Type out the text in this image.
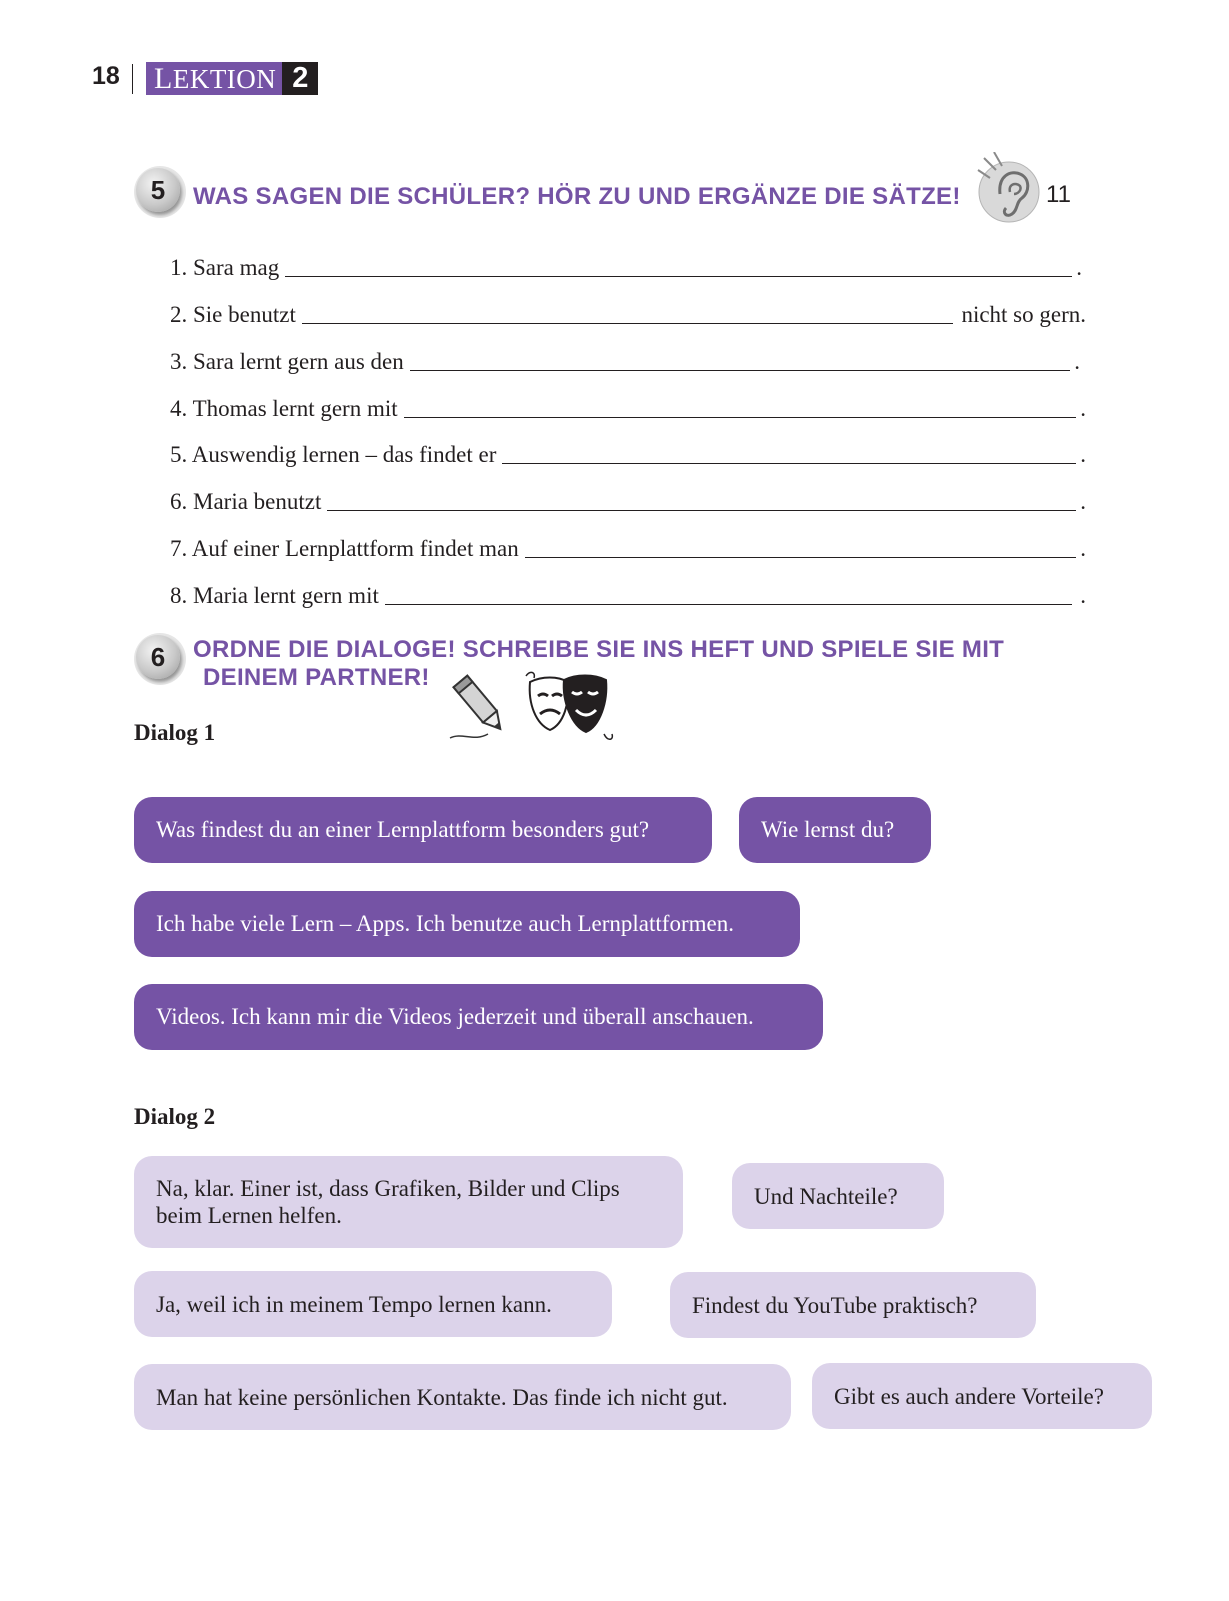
18 LEKTION 2
5	WAS SAGEN DIE SCHÜLER? HÖR ZU UND ERGÄNZE DIE SÄTZE!	11
1. Sara mag	.
2. Sie benutzt	nicht so gern.
3. Sara lernt gern aus den	.
4. Thomas lernt gern mit	.
5. Auswendig lernen – das findet er	.
6. Maria benutzt	.
7. Auf einer Lernplattform findet man	.
8. Maria lernt gern mit	.
6	ORDNE DIE DIALOGE! SCHREIBE SIE INS HEFT UND SPIELE SIE MIT
DEINEM PARTNER!
Dialog 1
Was findest du an einer Lernplattform besonders gut?	Wie lernst du?
Ich habe viele Lern – Apps. Ich benutze auch Lernplattformen.
Videos. Ich kann mir die Videos jederzeit und überall anschauen.
Dialog 2
Na, klar. Einer ist, dass Grafiken, Bilder und Clips beim Lernen helfen.
Und Nachteile?
Ja, weil ich in meinem Tempo lernen kann.	Findest du YouTube praktisch?
Man hat keine persönlichen Kontakte. Das finde ich nicht gut.	Gibt es auch andere Vorteile?
